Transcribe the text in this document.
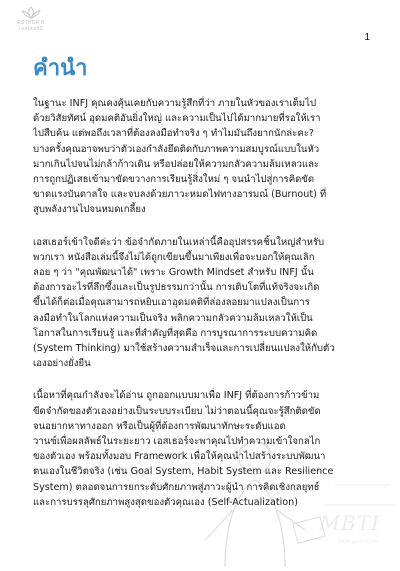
ESTHER B
เอสเธอร์บี
1
คำนำ

ในฐานะ INFJ คุณคงคุ้นเคยกับความรู้สึกที่ว่า ภายในหัวของเราเต็มไป
ด้วยวิสัยทัศน์ อุดมคติอันยิ่งใหญ่ และความเป็นไปได้มากมายที่รอให้เรา
ไปสืบค้น แต่พอถึงเวลาที่ต้องลงมือทำจริง ๆ ทำไมมันถึงยากนักล่ะคะ?
บางครั้งคุณอาจพบว่าตัวเองกำลังยึดติดกับภาพความสมบูรณ์แบบในหัว
มากเกินไปจนไม่กล้าก้าวเดิน หรือปล่อยให้ความกลัวความล้มเหลวและ
การถูกปฏิเสธเข้ามาขัดขวางการเรียนรู้สิ่งใหม่ ๆ จนนำไปสู่การคิดขัด
ขาดแรงบันดาลใจ และจบลงด้วยภาวะหมดไฟทางอารมณ์ (Burnout) ที่
สูบพลังงานไปจนหมดเกลี้ยง

เอสเธอร์เข้าใจดีค่ะว่า ข้อจำกัดภายในเหล่านี้คืออุปสรรคชิ้นใหญ่สำหรับ
พวกเรา หนังสือเล่มนี้จึงไม่ได้ถูกเขียนขึ้นมาเพียงเพื่อจะบอกให้คุณเลิก
ลอย ๆ ว่า "คุณพัฒนาได้" เพราะ Growth Mindset สำหรับ INFJ นั้น
ต้องการอะไรที่ลึกซึ้งและเป็นรูปธรรมกว่านั้น การเติบโตที่แท้จริงจะเกิด
ขึ้นได้ก็ต่อเมื่อคุณสามารถหยิบเอาอุดมคติที่ล่องลอยมาแปลงเป็นการ
ลงมือทำในโลกแห่งความเป็นจริง พลิกความกลัวความล้มเหลวให้เป็น
โอกาสในการเรียนรู้ และที่สำคัญที่สุดคือ การบูรณาการระบบความคิด
(System Thinking) มาใช้สร้างความสำเร็จและการเปลี่ยนแปลงให้กับตัว
เองอย่างยั่งยืน

เนื้อหาที่คุณกำลังจะได้อ่าน ถูกออกแบบมาเพื่อ INFJ ที่ต้องการก้าวข้าม
ขีดจำกัดของตัวเองอย่างเป็นระบบระเบียบ ไม่ว่าตอนนี้คุณจะรู้สึกติดขัด
จนอยากหาทางออก หรือเป็นผู้ที่ต้องการพัฒนาทักษะระดับแอด
วานซ์เพื่อผลลัพธ์ในระยะยาว เอสเธอร์จะพาคุณไปทำความเข้าใจกลไก
ของตัวเอง พร้อมทั้งมอบ Framework เพื่อให้คุณนำไปสร้างระบบพัฒนา
ตนเองในชีวิตจริง (เช่น Goal System, Habit System และ Resilience
System) ตลอดจนการยกระดับศักยภาพสู่ภาวะผู้นำ การคิดเชิงกลยุทธ์
และการบรรลุศักยภาพสูงสุดของตัวคุณเอง (Self-Actualization)

MBTI
Find your type
